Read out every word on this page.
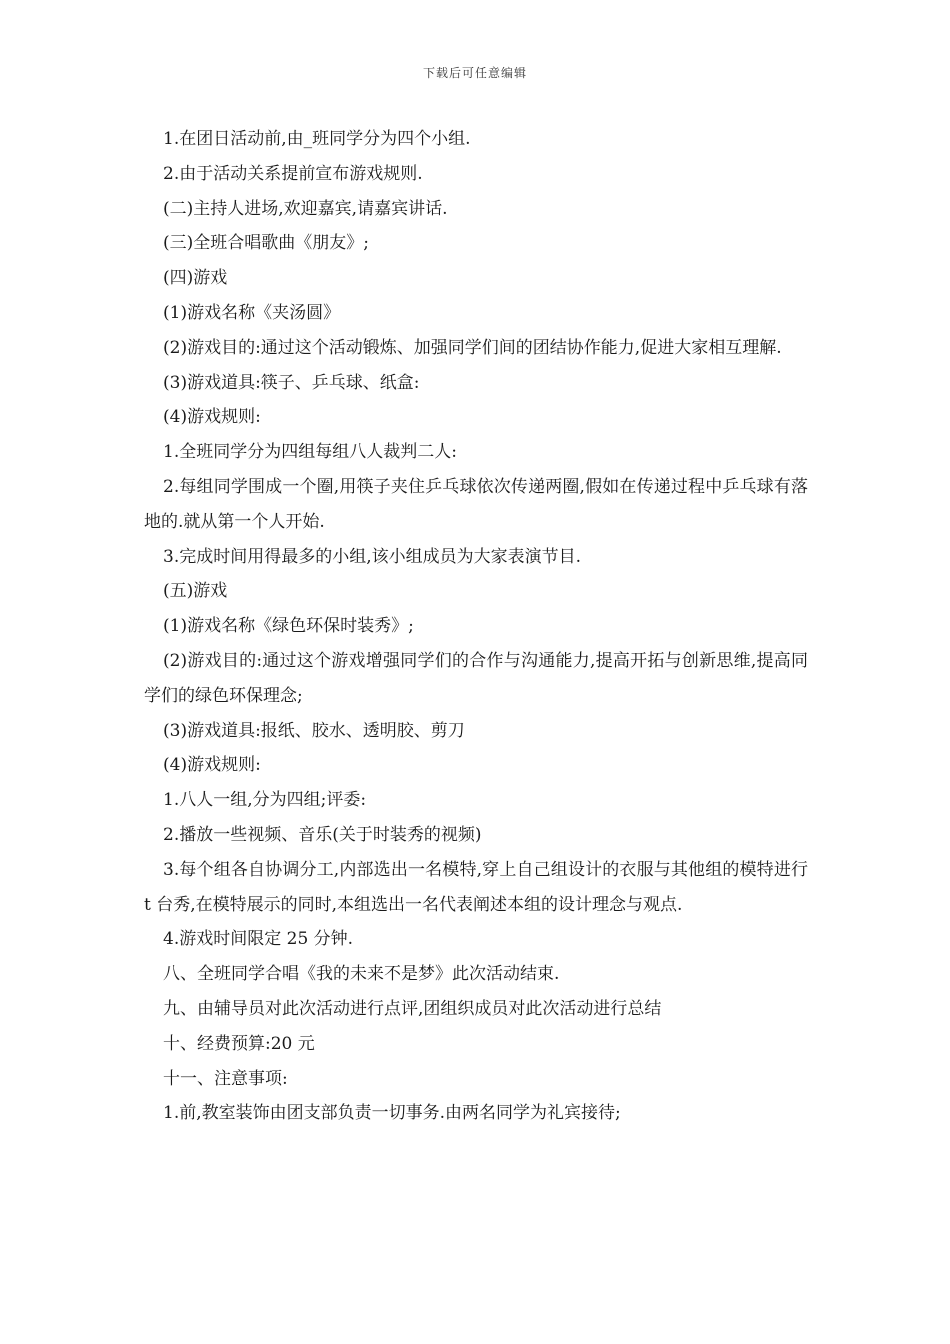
下载后可任意编辑

1.在团日活动前,由_班同学分为四个小组.

2.由于活动关系提前宣布游戏规则.

(二)主持人进场,欢迎嘉宾,请嘉宾讲话.

(三)全班合唱歌曲《朋友》;

(四)游戏

(1)游戏名称《夹汤圆》

(2)游戏目的:通过这个活动锻炼、加强同学们间的团结协作能力,促进大家相互理解.

(3)游戏道具:筷子、乒乓球、纸盒:

(4)游戏规则:

1.全班同学分为四组每组八人裁判二人:

2.每组同学围成一个圈,用筷子夹住乒乓球依次传递两圈,假如在传递过程中乒乓球有落地的.就从第一个人开始.

3.完成时间用得最多的小组,该小组成员为大家表演节目.

(五)游戏

(1)游戏名称《绿色环保时装秀》;

(2)游戏目的:通过这个游戏增强同学们的合作与沟通能力,提高开拓与创新思维,提高同学们的绿色环保理念;

(3)游戏道具:报纸、胶水、透明胶、剪刀

(4)游戏规则:

1.八人一组,分为四组;评委:

2.播放一些视频、音乐(关于时装秀的视频)

3.每个组各自协调分工,内部选出一名模特,穿上自己组设计的衣服与其他组的模特进行 t 台秀,在模特展示的同时,本组选出一名代表阐述本组的设计理念与观点.

4.游戏时间限定 25 分钟.

八、全班同学合唱《我的未来不是梦》此次活动结束.

九、由辅导员对此次活动进行点评,团组织成员对此次活动进行总结

十、经费预算:20 元

十一、注意事项:

1.前,教室装饰由团支部负责一切事务.由两名同学为礼宾接待;
